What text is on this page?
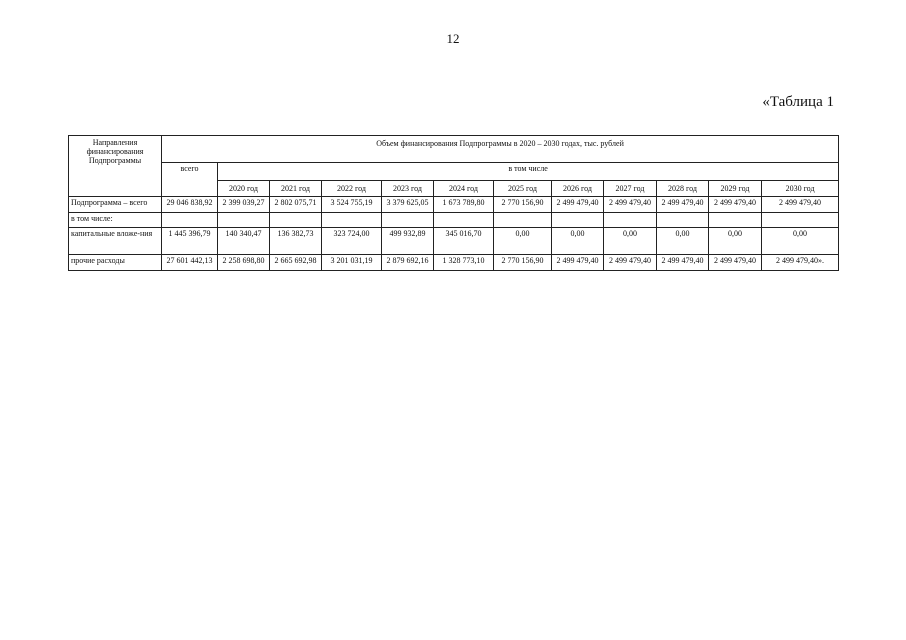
12
«Таблица 1
Направления финансирования Подпрограммы	Объем финансирования Подпрограммы в 2020 – 2030 годах, тыс. рублей											
	всего	в том числе										
		2020 год	2021 год	2022 год	2023 год	2024 год	2025 год	2026 год	2027 год	2028 год	2029 год	2030 год
Подпрограмма – всего	29 046 838,92	2 399 039,27	2 802 075,71	3 524 755,19	3 379 625,05	1 673 789,80	2 770 156,90	2 499 479,40	2 499 479,40	2 499 479,40	2 499 479,40	2 499 479,40
в том числе:												
капитальные вложе-ния	1 445 396,79	140 340,47	136 382,73	323 724,00	499 932,89	345 016,70	0,00	0,00	0,00	0,00	0,00	0,00
прочие расходы	27 601 442,13	2 258 698,80	2 665 692,98	3 201 031,19	2 879 692,16	1 328 773,10	2 770 156,90	2 499 479,40	2 499 479,40	2 499 479,40	2 499 479,40	2 499 479,40».
